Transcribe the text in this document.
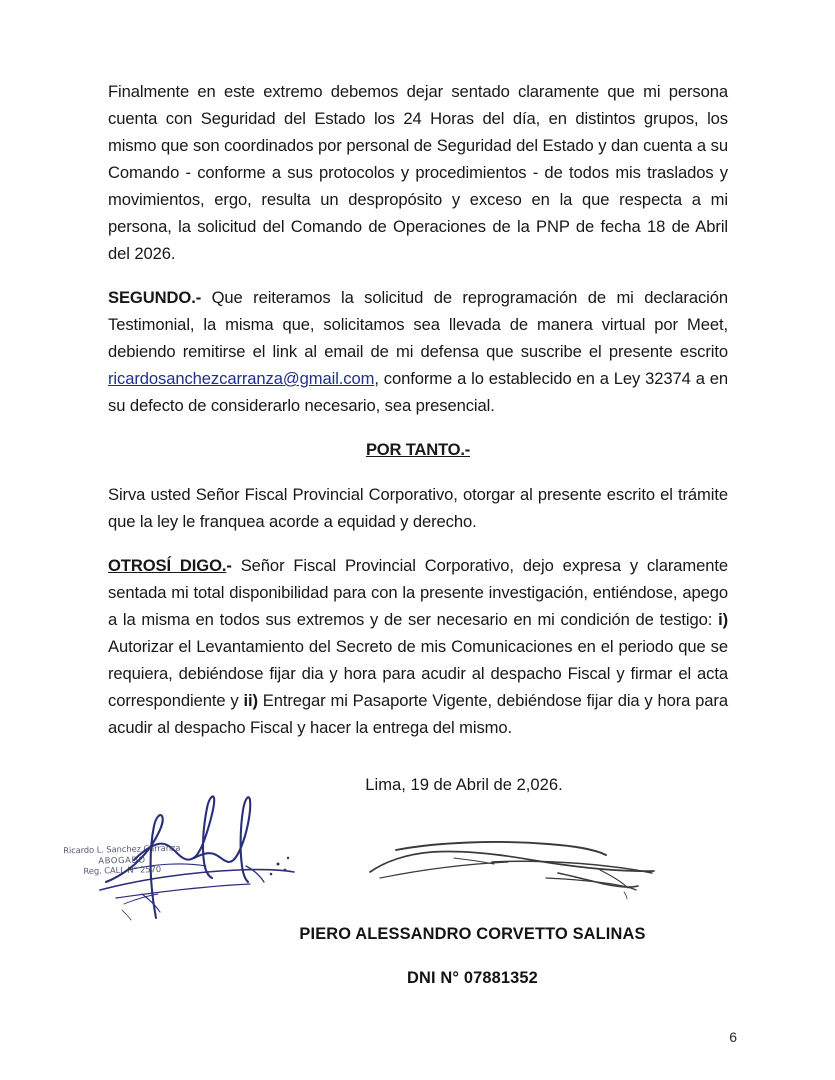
Finalmente en este extremo debemos dejar sentado claramente que mi persona cuenta con Seguridad del Estado los 24 Horas del día, en distintos grupos, los mismo que son coordinados por personal de Seguridad del Estado y dan cuenta a su Comando - conforme a sus protocolos y procedimientos - de todos mis traslados y movimientos, ergo, resulta un despropósito y exceso en la que respecta a mi persona, la solicitud del Comando de Operaciones de la PNP de fecha 18 de Abril del 2026.

SEGUNDO.- Que reiteramos la solicitud de reprogramación de mi declaración Testimonial, la misma que, solicitamos sea llevada de manera virtual por Meet, debiendo remitirse el link al email de mi defensa que suscribe el presente escrito ricardosanchezcarranza@gmail.com, conforme a lo establecido en a Ley 32374 a en su defecto de considerarlo necesario, sea presencial.

POR TANTO.-

Sirva usted Señor Fiscal Provincial Corporativo, otorgar al presente escrito el trámite que la ley le franquea acorde a equidad y derecho.

OTROSÍ DIGO.- Señor Fiscal Provincial Corporativo, dejo expresa y claramente sentada mi total disponibilidad para con la presente investigación, entiéndose, apego a la misma en todos sus extremos y de ser necesario en mi condición de testigo: i) Autorizar el Levantamiento del Secreto de mis Comunicaciones en el periodo que se requiera, debiéndose fijar dia y hora para acudir al despacho Fiscal y firmar el acta correspondiente y ii) Entregar mi Pasaporte Vigente, debiéndose fijar dia y hora para acudir al despacho Fiscal y hacer la entrega del mismo.

Lima, 19 de Abril de 2,026.
Ricardo L. Sanchez Carranza
ABOGADO
Reg. CALL N° 2570
PIERO ALESSANDRO CORVETTO SALINAS
DNI N° 07881352
6
